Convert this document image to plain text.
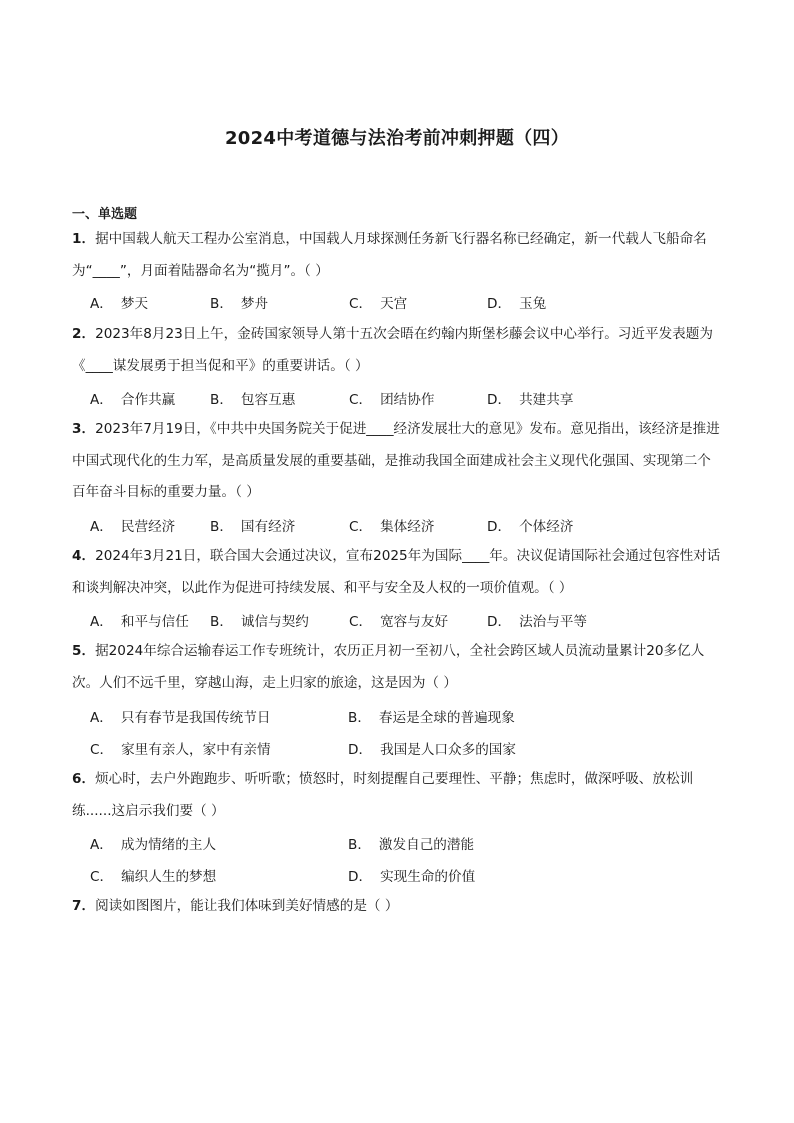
2024中考道德与法治考前冲刺押题（四）
一、单选题
1．据中国载人航天工程办公室消息，中国载人月球探测任务新飞行器名称已经确定，新一代载人飞船命名为“____”，月面着陆器命名为“揽月”。（ ）
A． 梦天	B． 梦舟	C． 天宫	D． 玉兔
2．2023年8月23日上午，金砖国家领导人第十五次会晤在约翰内斯堡杉藤会议中心举行。习近平发表题为《____谋发展勇于担当促和平》的重要讲话。（ ）
A． 合作共赢	B． 包容互惠	C． 团结协作	D． 共建共享
3．2023年7月19日，《中共中央国务院关于促进____经济发展壮大的意见》发布。意见指出，该经济是推进中国式现代化的生力军，是高质量发展的重要基础，是推动我国全面建成社会主义现代化强国、实现第二个百年奋斗目标的重要力量。（ ）
A． 民营经济	B． 国有经济	C． 集体经济	D． 个体经济
4．2024年3月21日，联合国大会通过决议，宣布2025年为国际____年。决议促请国际社会通过包容性对话和谈判解决冲突，以此作为促进可持续发展、和平与安全及人权的一项价值观。（ ）
A． 和平与信任 B． 诚信与契约	C． 宽容与友好	D． 法治与平等
5．据2024年综合运输春运工作专班统计，农历正月初一至初八，全社会跨区域人员流动量累计20多亿人次。人们不远千里，穿越山海，走上归家的旅途，这是因为（ ）
A． 只有春节是我国传统节日	B． 春运是全球的普遍现象
C． 家里有亲人，家中有亲情	D． 我国是人口众多的国家
6．烦心时，去户外跑跑步、听听歌；愤怒时，时刻提醒自己要理性、平静；焦虑时，做深呼吸、放松训练......这启示我们要（ ）
A． 成为情绪的主人	B． 激发自己的潜能
C． 编织人生的梦想	D． 实现生命的价值
7．阅读如图图片，能让我们体味到美好情感的是（ ）
